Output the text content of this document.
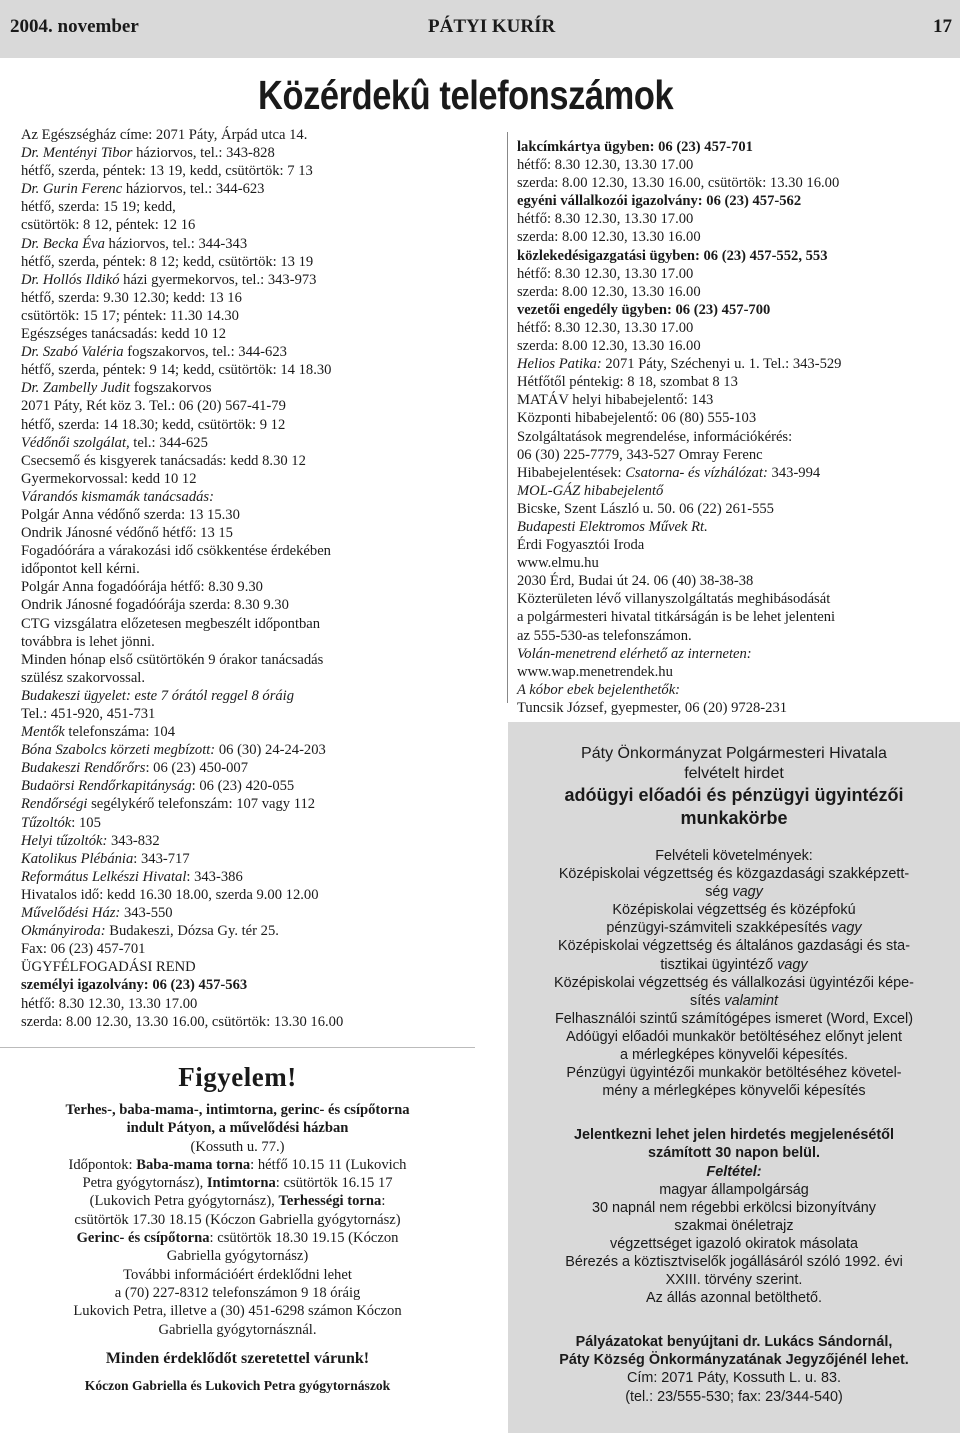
2004. november	PÁTYI KURÍR	17
Közérdekû telefonszámok
Az Egészségház címe: 2071 Páty, Árpád utca 14.
Dr. Mentényi Tibor háziorvos, tel.: 343-828
hétfő, szerda, péntek: 13 19, kedd, csütörtök: 7 13
Dr. Gurin Ferenc háziorvos, tel.: 344-623
hétfő, szerda: 15 19; kedd,
csütörtök: 8 12, péntek: 12 16
Dr. Becka Éva háziorvos, tel.: 344-343
hétfő, szerda, péntek: 8 12; kedd, csütörtök: 13 19
Dr. Hollós Ildikó házi gyermekorvos, tel.: 343-973
hétfő, szerda: 9.30 12.30; kedd: 13 16
csütörtök: 15 17; péntek: 11.30 14.30
Egészséges tanácsadás: kedd 10 12
Dr. Szabó Valéria fogszakorvos, tel.: 344-623
hétfő, szerda, péntek: 9 14; kedd, csütörtök: 14 18.30
Dr. Zambelly Judit fogszakorvos
2071 Páty, Rét köz 3. Tel.: 06 (20) 567-41-79
hétfő, szerda: 14 18.30; kedd, csütörtök: 9 12
Védőnői szolgálat, tel.: 344-625
Csecsemő és kisgyerek tanácsadás: kedd 8.30 12
Gyermekorvossal: kedd 10 12
Várandós kismamák tanácsadás:
Polgár Anna védőnő szerda: 13 15.30
Ondrik Jánosné védőnő hétfő: 13 15
Fogadóórára a várakozási idő csökkentése érdekében
időpontot kell kérni.
Polgár Anna fogadóórája hétfő: 8.30 9.30
Ondrik Jánosné fogadóórája szerda: 8.30 9.30
CTG vizsgálatra előzetesen megbeszélt időpontban
továbbra is lehet jönni.
Minden hónap első csütörtökén 9 órakor tanácsadás
szülész szakorvossal.
Budakeszi ügyelet: este 7 órától reggel 8 óráig
Tel.: 451-920, 451-731
Mentők telefonszáma: 104
Bóna Szabolcs körzeti megbízott: 06 (30) 24-24-203
Budakeszi Rendőrőrs: 06 (23) 450-007
Budaörsi Rendőrkapitányság: 06 (23) 420-055
Rendőrségi segélykérő telefonszám: 107 vagy 112
Tűzoltók: 105
Helyi tűzoltók: 343-832
Katolikus Plébánia: 343-717
Református Lelkészi Hivatal: 343-386
Hivatalos idő: kedd 16.30 18.00, szerda 9.00 12.00
Művelődési Ház: 343-550
Okmányiroda: Budakeszi, Dózsa Gy. tér 25.
Fax: 06 (23) 457-701
ÜGYFÉLFOGADÁSI REND
személyi igazolvány: 06 (23) 457-563
hétfő: 8.30 12.30, 13.30 17.00
szerda: 8.00 12.30, 13.30 16.00, csütörtök: 13.30 16.00
lakcímkártya ügyben: 06 (23) 457-701
hétfő: 8.30 12.30, 13.30 17.00
szerda: 8.00 12.30, 13.30 16.00, csütörtök: 13.30 16.00
egyéni vállalkozói igazolvány: 06 (23) 457-562
hétfő: 8.30 12.30, 13.30 17.00
szerda: 8.00 12.30, 13.30 16.00
közlekedésigazgatási ügyben: 06 (23) 457-552, 553
hétfő: 8.30 12.30, 13.30 17.00
szerda: 8.00 12.30, 13.30 16.00
vezetői engedély ügyben: 06 (23) 457-700
hétfő: 8.30 12.30, 13.30 17.00
szerda: 8.00 12.30, 13.30 16.00
Helios Patika: 2071 Páty, Széchenyi u. 1. Tel.: 343-529
Hétfőtől péntekig: 8 18, szombat 8 13
MATÁV helyi hibabejelentő: 143
Központi hibabejelentő: 06 (80) 555-103
Szolgáltatások megrendelése, információkérés:
06 (30) 225-7779, 343-527 Omray Ferenc
Hibabejelentések: Csatorna- és vízhálózat: 343-994
MOL-GÁZ hibabejelentő
Bicske, Szent László u. 50. 06 (22) 261-555
Budapesti Elektromos Művek Rt.
Érdi Fogyasztói Iroda
www.elmu.hu
2030 Érd, Budai út 24. 06 (40) 38-38-38
Közterületen lévő villanyszolgáltatás meghibásodását
a polgármesteri hivatal titkárságán is be lehet jelenteni
az 555-530-as telefonszámon.
Volán-menetrend elérhető az interneten:
www.wap.menetrendek.hu
A kóbor ebek bejelenthetők:
Tuncsik József, gyepmester, 06 (20) 9728-231
Figyelem!
Terhes-, baba-mama-, intimtorna, gerinc- és csípőtorna
indult Pátyon, a művelődési házban
(Kossuth u. 77.)
Időpontok: Baba-mama torna: hétfő 10.15 11 (Lukovich
Petra gyógytornász), Intimtorna: csütörtök 16.15 17
(Lukovich Petra gyógytornász), Terhességi torna:
csütörtök 17.30 18.15 (Kóczon Gabriella gyógytornász)
Gerinc- és csípőtorna: csütörtök 18.30 19.15 (Kóczon
Gabriella gyógytornász)
További információért érdeklődni lehet
a (70) 227-8312 telefonszámon 9 18 óráig
Lukovich Petra, illetve a (30) 451-6298 számon Kóczon
Gabriella gyógytornásznál.
Minden érdeklődőt szeretettel várunk!
Kóczon Gabriella és Lukovich Petra gyógytornászok
Páty Önkormányzat Polgármesteri Hivatala
felvételt hirdet
adóügyi előadói és pénzügyi ügyintézői
munkakörbe
Felvételi követelmények:
Középiskolai végzettség és közgazdasági szakképzett-
ség vagy
Középiskolai végzettség és középfokú
pénzügyi-számviteli szakképesítés vagy
Középiskolai végzettség és általános gazdasági és sta-
tisztikai ügyintéző vagy
Középiskolai végzettség és vállalkozási ügyintézői képe-
sítés valamint
Felhasználói szintű számítógépes ismeret (Word, Excel)
Adóügyi előadói munkakör betöltéséhez előnyt jelent
a mérlegképes könyvelői képesítés.
Pénzügyi ügyintézői munkakör betöltéséhez követel-
mény a mérlegképes könyvelői képesítés
Jelentkezni lehet jelen hirdetés megjelenésétől
számított 30 napon belül.
Feltétel:
magyar állampolgárság
30 napnál nem régebbi erkölcsi bizonyítvány
szakmai önéletrajz
végzettséget igazoló okiratok másolata
Bérezés a köztisztviselők jogállásáról szóló 1992. évi
XXIII. törvény szerint.
Az állás azonnal betölthető.
Pályázatokat benyújtani dr. Lukács Sándornál,
Páty Község Önkormányzatának Jegyzőjénél lehet.
Cím: 2071 Páty, Kossuth L. u. 83.
(tel.: 23/555-530; fax: 23/344-540)
